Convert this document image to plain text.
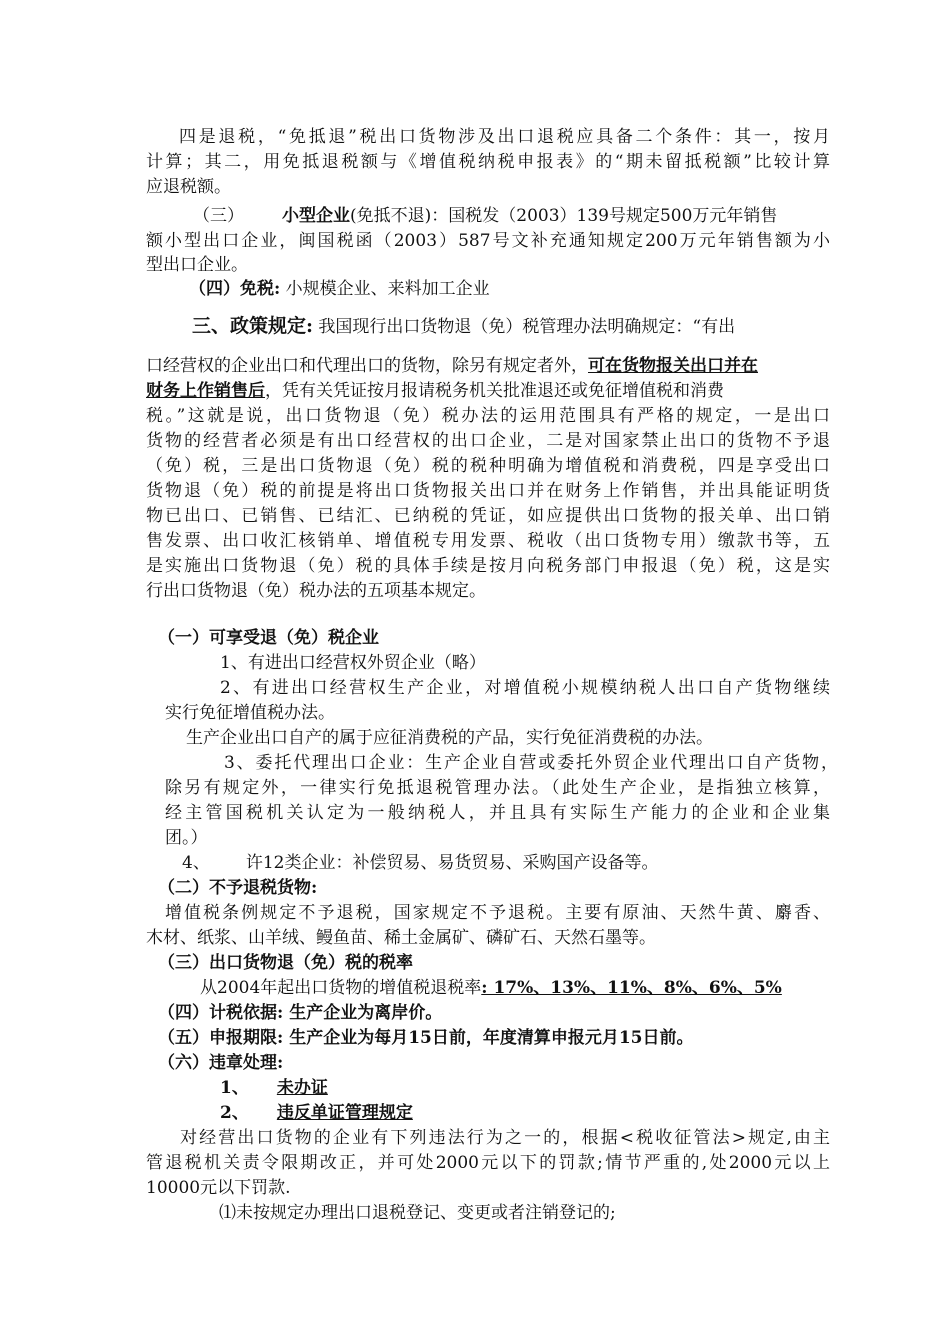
四是退税，“免抵退”税出口货物涉及出口退税应具备二个条件：其一，按月
计算；其二，用免抵退税额与《增值税纳税申报表》的“期未留抵税额”比较计算
应退税额。
（三） 小型企业(免抵不退)：国税发（2003）139号规定500万元年销售
额小型出口企业，闽国税函（2003）587号文补充通知规定200万元年销售额为小
型出口企业。
（四）免税: 小规模企业、来料加工企业
三、政策规定: 我国现行出口货物退（免）税管理办法明确规定：“有出
口经营权的企业出口和代理出口的货物，除另有规定者外，可在货物报关出口并在
财务上作销售后，凭有关凭证按月报请税务机关批准退还或免征增值税和消费
税。”这就是说，出口货物退（免）税办法的运用范围具有严格的规定，一是出口
货物的经营者必须是有出口经营权的出口企业，二是对国家禁止出口的货物不予退
（免）税，三是出口货物退（免）税的税种明确为增值税和消费税，四是享受出口
货物退（免）税的前提是将出口货物报关出口并在财务上作销售，并出具能证明货
物已出口、已销售、已结汇、已纳税的凭证，如应提供出口货物的报关单、出口销
售发票、出口收汇核销单、增值税专用发票、税收（出口货物专用）缴款书等，五
是实施出口货物退（免）税的具体手续是按月向税务部门申报退（免）税，这是实
行出口货物退（免）税办法的五项基本规定。
（一）可享受退（免）税企业
1、有进出口经营权外贸企业（略）
2、有进出口经营权生产企业，对增值税小规模纳税人出口自产货物继续
实行免征增值税办法。
生产企业出口自产的属于应征消费税的产品，实行免征消费税的办法。
3、委托代理出口企业：生产企业自营或委托外贸企业代理出口自产货物，
除另有规定外，一律实行免抵退税管理办法。（此处生产企业，是指独立核算，
经主管国税机关认定为一般纳税人，并且具有实际生产能力的企业和企业集
团。）
4、 许12类企业：补偿贸易、易货贸易、采购国产设备等。
（二）不予退税货物:
增值税条例规定不予退税，国家规定不予退税。主要有原油、天然牛黄、麝香、
木材、纸浆、山羊绒、鳗鱼苗、稀土金属矿、磷矿石、天然石墨等。
（三）出口货物退（免）税的税率
从2004年起出口货物的增值税退税率: 17%、13%、11%、8%、6%、5%
（四）计税依据: 生产企业为离岸价。
（五）申报期限: 生产企业为每月15日前，年度清算申报元月15日前。
（六）违章处理:
1、 未办证
2、 违反单证管理规定
对经营出口货物的企业有下列违法行为之一的，根据<税收征管法>规定,由主
管退税机关责令限期改正，并可处2000元以下的罚款;情节严重的,处2000元以上
10000元以下罚款.
⑴未按规定办理出口退税登记、变更或者注销登记的;
